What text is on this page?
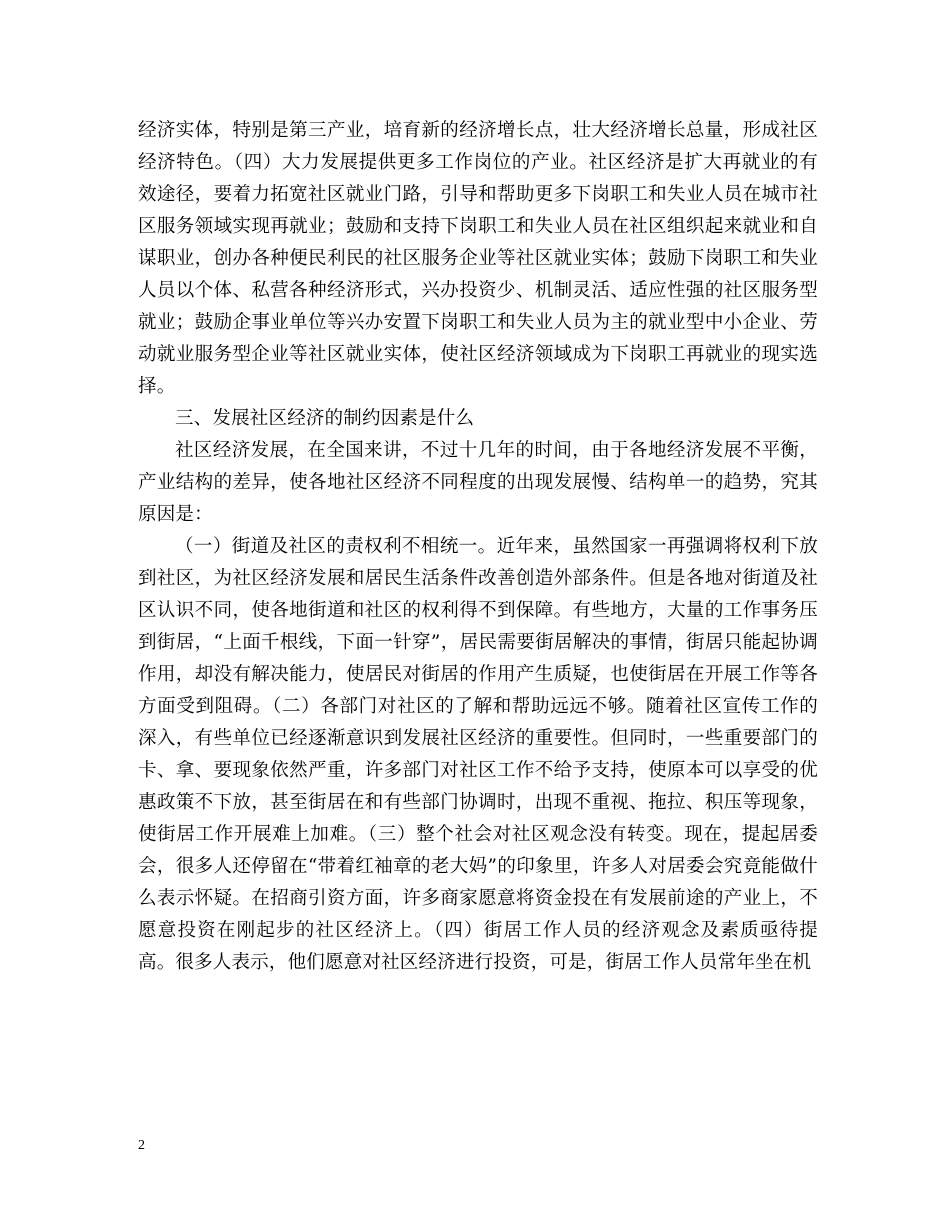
经济实体，特别是第三产业，培育新的经济增长点，壮大经济增长总量，形成社区经济特色。（四）大力发展提供更多工作岗位的产业。社区经济是扩大再就业的有效途径，要着力拓宽社区就业门路，引导和帮助更多下岗职工和失业人员在城市社区服务领域实现再就业；鼓励和支持下岗职工和失业人员在社区组织起来就业和自谋职业，创办各种便民利民的社区服务企业等社区就业实体；鼓励下岗职工和失业人员以个体、私营各种经济形式，兴办投资少、机制灵活、适应性强的社区服务型就业；鼓励企事业单位等兴办安置下岗职工和失业人员为主的就业型中小企业、劳动就业服务型企业等社区就业实体，使社区经济领域成为下岗职工再就业的现实选择。

三、发展社区经济的制约因素是什么

社区经济发展，在全国来讲，不过十几年的时间，由于各地经济发展不平衡，产业结构的差异，使各地社区经济不同程度的出现发展慢、结构单一的趋势，究其原因是：

（一）街道及社区的责权利不相统一。近年来，虽然国家一再强调将权利下放到社区，为社区经济发展和居民生活条件改善创造外部条件。但是各地对街道及社区认识不同，使各地街道和社区的权利得不到保障。有些地方，大量的工作事务压到街居，“上面千根线，下面一针穿”，居民需要街居解决的事情，街居只能起协调作用，却没有解决能力，使居民对街居的作用产生质疑，也使街居在开展工作等各方面受到阻碍。（二）各部门对社区的了解和帮助远远不够。随着社区宣传工作的深入，有些单位已经逐渐意识到发展社区经济的重要性。但同时，一些重要部门的卡、拿、要现象依然严重，许多部门对社区工作不给予支持，使原本可以享受的优惠政策不下放，甚至街居在和有些部门协调时，出现不重视、拖拉、积压等现象，使街居工作开展难上加难。（三）整个社会对社区观念没有转变。现在，提起居委会，很多人还停留在“带着红袖章的老大妈”的印象里，许多人对居委会究竟能做什么表示怀疑。在招商引资方面，许多商家愿意将资金投在有发展前途的产业上，不愿意投资在刚起步的社区经济上。（四）街居工作人员的经济观念及素质亟待提高。很多人表示，他们愿意对社区经济进行投资，可是，街居工作人员常年坐在机

2
